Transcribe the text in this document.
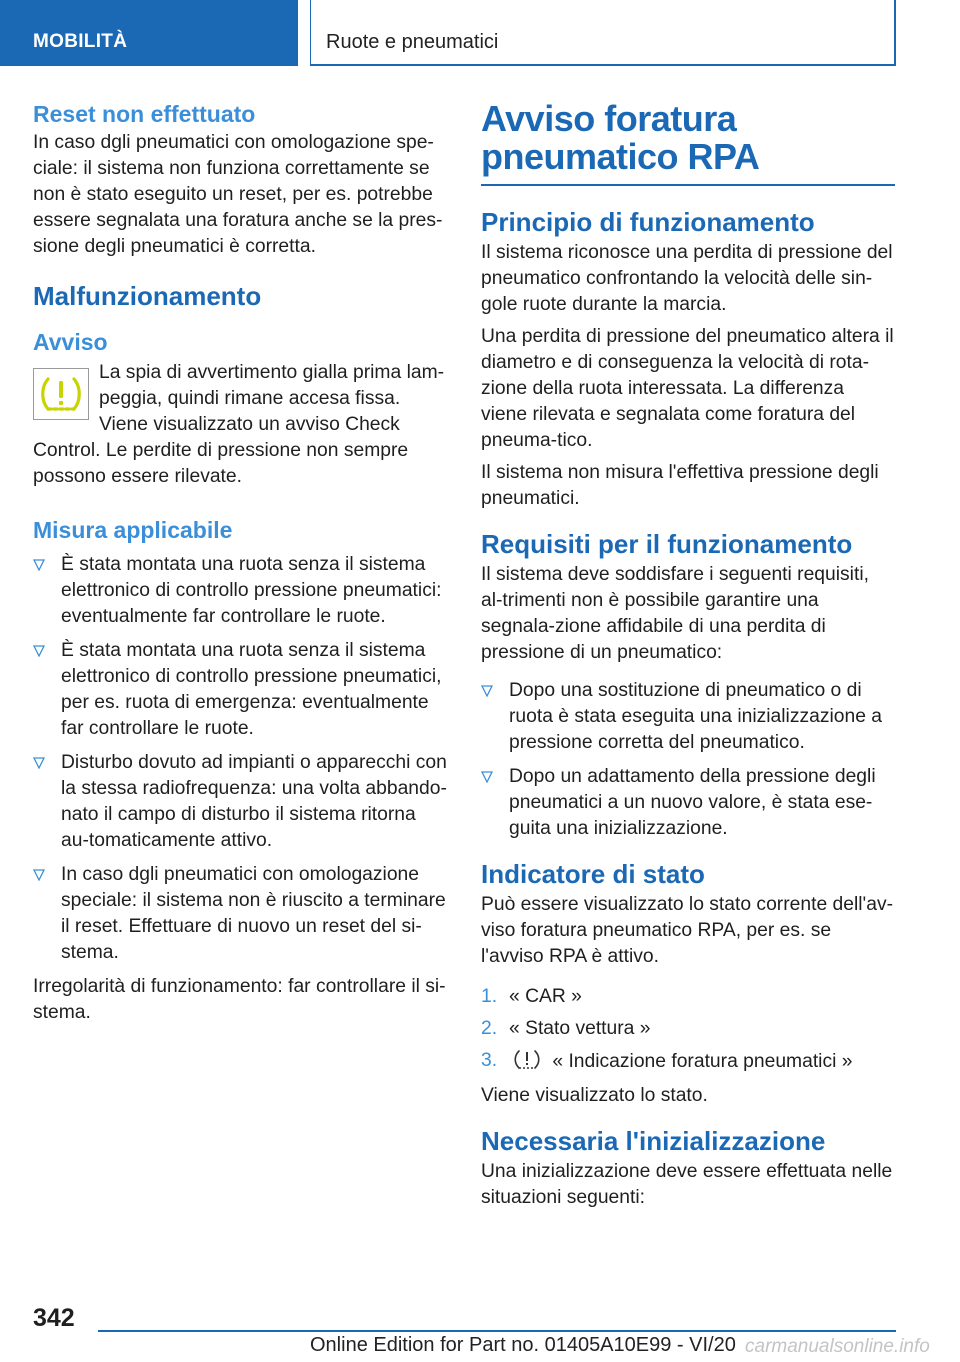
MOBILITÀ	Ruote e pneumatici
Reset non effettuato

In caso dgli pneumatici con omologazione spe-ciale: il sistema non funziona correttamente se non è stato eseguito un reset, per es. potrebbe essere segnalata una foratura anche se la pres-sione degli pneumatici è corretta.

Malfunzionamento
Avviso

La spia di avvertimento gialla prima lam-peggia, quindi rimane accesa fissa. Viene visualizzato un avviso Check Control. Le perdite di pressione non sempre possono essere rilevate.

Misura applicabile
È stata montata una ruota senza il sistema elettronico di controllo pressione pneumatici: eventualmente far controllare le ruote.
È stata montata una ruota senza il sistema elettronico di controllo pressione pneumatici, per es. ruota di emergenza: eventualmente far controllare le ruote.
Disturbo dovuto ad impianti o apparecchi con la stessa radiofrequenza: una volta abbando-nato il campo di disturbo il sistema ritorna au-tomaticamente attivo.
In caso dgli pneumatici con omologazione speciale: il sistema non è riuscito a terminare il reset. Effettuare di nuovo un reset del si-stema.

Irregolarità di funzionamento: far controllare il si-stema.

Avviso foratura pneumatico RPA
Principio di funzionamento

Il sistema riconosce una perdita di pressione del pneumatico confrontando la velocità delle sin-gole ruote durante la marcia.

Una perdita di pressione del pneumatico altera il diametro e di conseguenza la velocità di rota-zione della ruota interessata. La differenza viene rilevata e segnalata come foratura del pneuma-tico.

Il sistema non misura l'effettiva pressione degli pneumatici.

Requisiti per il funzionamento

Il sistema deve soddisfare i seguenti requisiti, al-trimenti non è possibile garantire una segnala-zione affidabile di una perdita di pressione di un pneumatico:

Dopo una sostituzione di pneumatico o di ruota è stata eseguita una inizializzazione a pressione corretta del pneumatico.
Dopo un adattamento della pressione degli pneumatici a un nuovo valore, è stata ese-guita una inizializzazione.
Indicatore di stato

Può essere visualizzato lo stato corrente dell'av-viso foratura pneumatico RPA, per es. se l'avviso RPA è attivo.

1. « CAR »
2. « Stato vettura »
3.	« Indicazione foratura pneumatici »

Viene visualizzato lo stato.

Necessaria l'inizializzazione

Una inizializzazione deve essere effettuata nelle situazioni seguenti:

342
Online Edition for Part no. 01405A10E99 - VI/20 carmanualsonline.info
